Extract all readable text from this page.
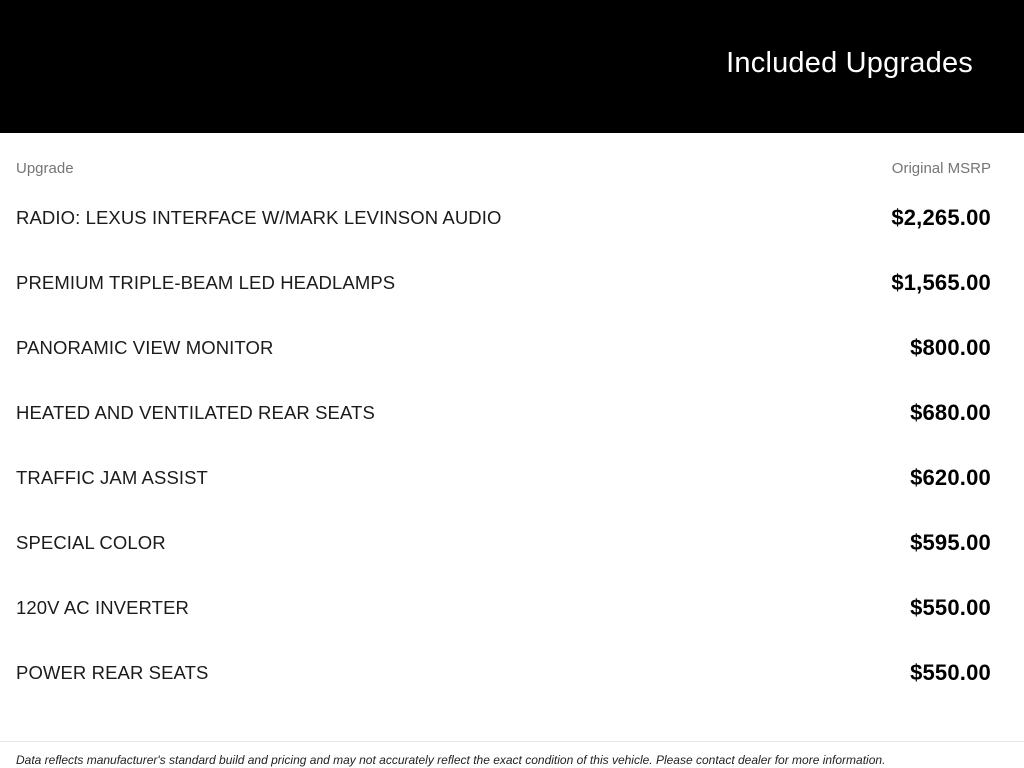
Included Upgrades
Upgrade	Original MSRP
RADIO: LEXUS INTERFACE W/MARK LEVINSON AUDIO	$2,265.00
PREMIUM TRIPLE-BEAM LED HEADLAMPS	$1,565.00
PANORAMIC VIEW MONITOR	$800.00
HEATED AND VENTILATED REAR SEATS	$680.00
TRAFFIC JAM ASSIST	$620.00
SPECIAL COLOR	$595.00
120V AC INVERTER	$550.00
POWER REAR SEATS	$550.00
Data reflects manufacturer's standard build and pricing and may not accurately reflect the exact condition of this vehicle. Please contact dealer for more information.
